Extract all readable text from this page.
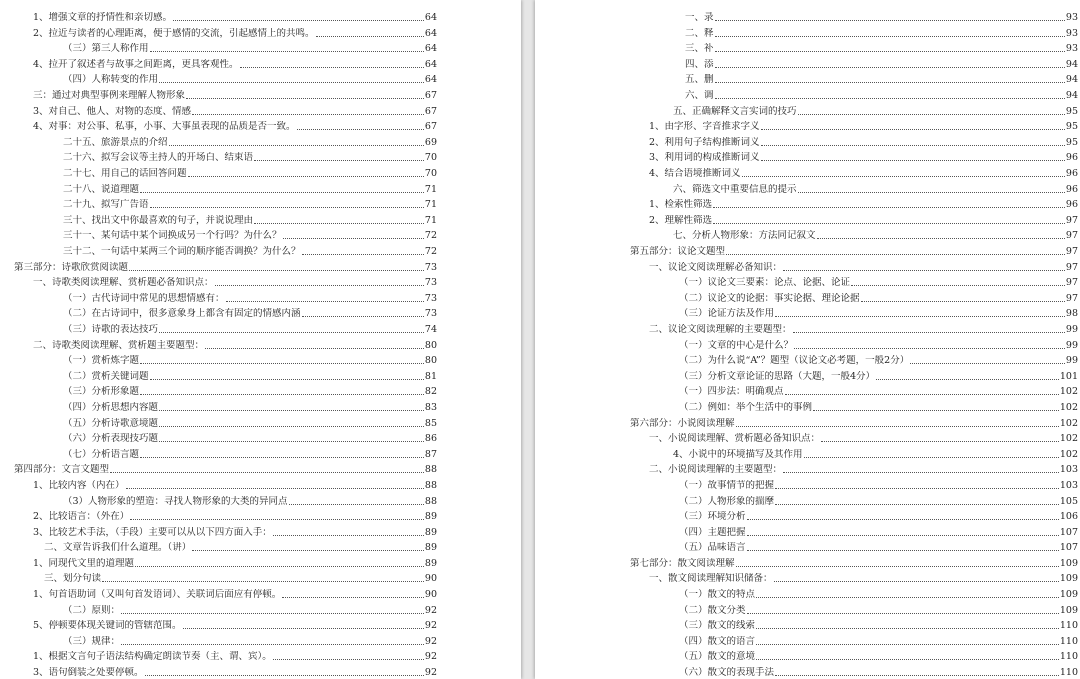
1、增强文章的抒情性和亲切感。	64
2、拉近与读者的心理距离，便于感情的交流，引起感情上的共鸣。	64
（三）第三人称作用	64
4、拉开了叙述者与故事之间距离，更具客观性。	64
（四）人称转变的作用	64
三：通过对典型事例来理解人物形象	67
3、对自己、他人、对物的态度、情感	67
4、对事：对公事、私事，小事、大事虽表现的品质是否一致。	67
二十五、旅游景点的介绍	69
二十六、拟写会议等主持人的开场白、结束语	70
二十七、用自己的话回答问题	70
二十八、说道理题	71
二十九、拟写广告语	71
三十、找出文中你最喜欢的句子，并说说理由	71
三十一、某句话中某个词换成另一个行吗？为什么？	72
三十二、一句话中某两三个词的顺序能否调换？为什么？	72
第三部分：诗歌欣赏阅读题	73
一、诗歌类阅读理解、赏析题必备知识点：	73
（一）古代诗词中常见的思想情感有：	73
（二）在古诗词中，很多意象身上都含有固定的情感内涵	73
（三）诗歌的表达技巧	74
二、诗歌类阅读理解、赏析题主要题型：	80
（一）赏析炼字题	80
（二）赏析关键词题	81
（三）分析形象题	82
（四）分析思想内容题	83
（五）分析诗歌意境题	85
（六）分析表现技巧题	86
（七）分析语言题	87
第四部分：文言文题型	88
1、比较内容（内在）	88
（3）人物形象的塑造：寻找人物形象的大类的异同点	88
2、比较语言：（外在）	89
3、比较艺术手法，（手段）主要可以从以下四方面入手：	89
二、文章告诉我们什么道理。（讲）	89
1、同现代文里的道理题	89
三、划分句读	90
1、句首语助词（又叫句首发语词）、关联词后面应有停顿。	90
（二）原则：	92
5、停顿要体现关键词的管辖范围。	92
（三）规律：	92
1、根据文言句子语法结构确定朗读节奏（主、谓、宾）。	92
3、语句倒装之处要停顿。	92
一、录	93
二、释	93
三、补	93
四、添	94
五、删	94
六、调	94
五、正确解释文言实词的技巧	95
1、由字形、字音推求字义	95
2、利用句子结构推断词义	95
3、利用词的构成推断词义	96
4、结合语境推断词义	96
六、筛选文中重要信息的提示	96
1、检索性筛选	96
2、理解性筛选	97
七、分析人物形象：方法同记叙文	97
第五部分：议论文题型	97
一、议论文阅读理解必备知识：	97
（一）议论文三要素：论点、论据、论证	97
（二）议论文的论据：事实论据、理论论据	97
（三）论证方法及作用	98
二、议论文阅读理解的主要题型：	99
（一）文章的中心是什么？	99
（二）为什么说“A”？题型（议论文必考题，一般2分）	99
（三）分析文章论证的思路（大题，一般4分）	101
（一）四步法：明确观点	102
（二）例如：举个生活中的事例	102
第六部分：小说阅读理解	102
一、小说阅读理解、赏析题必备知识点：	102
4、小说中的环境描写及其作用	102
二、小说阅读理解的主要题型：	103
（一）故事情节的把握	103
（二）人物形象的揣摩	105
（三）环境分析	106
（四）主题把握	107
（五）品味语言	107
第七部分：散文阅读理解	109
一、散文阅读理解知识储备：	109
（一）散文的特点	109
（二）散文分类	109
（三）散文的线索	110
（四）散文的语言	110
（五）散文的意境	110
（六）散文的表现手法	110
